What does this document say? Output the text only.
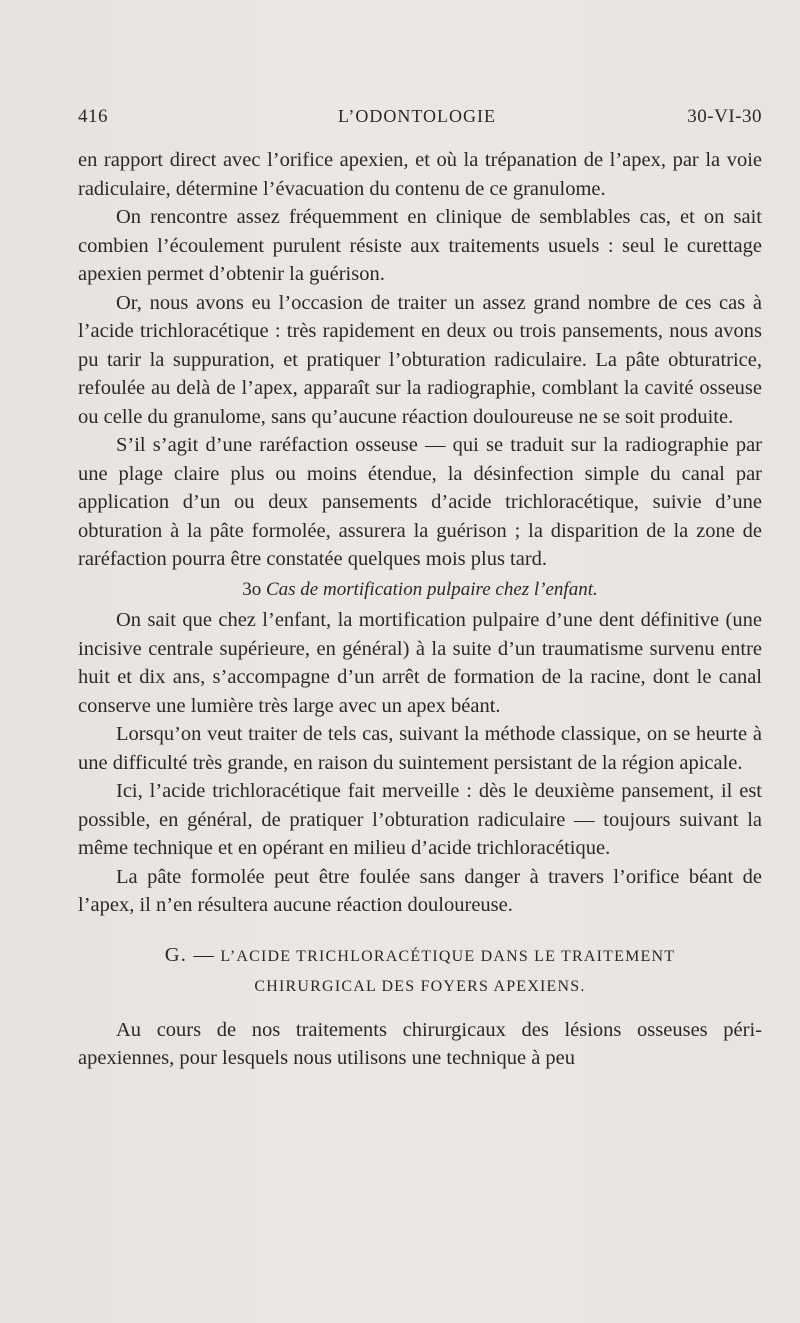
416	L’ODONTOLOGIE	30-VI-30

en rapport direct avec l’orifice apexien, et où la trépanation de l’apex, par la voie radiculaire, détermine l’évacuation du contenu de ce granulome.

On rencontre assez fréquemment en clinique de semblables cas, et on sait combien l’écoulement purulent résiste aux traitements usuels : seul le curettage apexien permet d’obtenir la guérison.

Or, nous avons eu l’occasion de traiter un assez grand nombre de ces cas à l’acide trichloracétique : très rapidement en deux ou trois pansements, nous avons pu tarir la suppuration, et pratiquer l’obturation radiculaire. La pâte obturatrice, refoulée au delà de l’apex, apparaît sur la radiographie, comblant la cavité osseuse ou celle du granulome, sans qu’aucune réaction douloureuse ne se soit produite.

S’il s’agit d’une raréfaction osseuse — qui se traduit sur la radiographie par une plage claire plus ou moins étendue, la désinfection simple du canal par application d’un ou deux pansements d’acide trichloracétique, suivie d’une obturation à la pâte formolée, assurera la guérison ; la disparition de la zone de raréfaction pourra être constatée quelques mois plus tard.

3o Cas de mortification pulpaire chez l’enfant.

On sait que chez l’enfant, la mortification pulpaire d’une dent définitive (une incisive centrale supérieure, en général) à la suite d’un traumatisme survenu entre huit et dix ans, s’accompagne d’un arrêt de formation de la racine, dont le canal conserve une lumière très large avec un apex béant.

Lorsqu’on veut traiter de tels cas, suivant la méthode classique, on se heurte à une difficulté très grande, en raison du suintement persistant de la région apicale.

Ici, l’acide trichloracétique fait merveille : dès le deuxième pansement, il est possible, en général, de pratiquer l’obturation radiculaire — toujours suivant la même technique et en opérant en milieu d’acide trichloracétique.

La pâte formolée peut être foulée sans danger à travers l’orifice béant de l’apex, il n’en résultera aucune réaction douloureuse.

G. — L’ACIDE TRICHLORACÉTIQUE DANS LE TRAITEMENT
CHIRURGICAL DES FOYERS APEXIENS.

Au cours de nos traitements chirurgicaux des lésions osseuses péri-apexiennes, pour lesquels nous utilisons une technique à peu
